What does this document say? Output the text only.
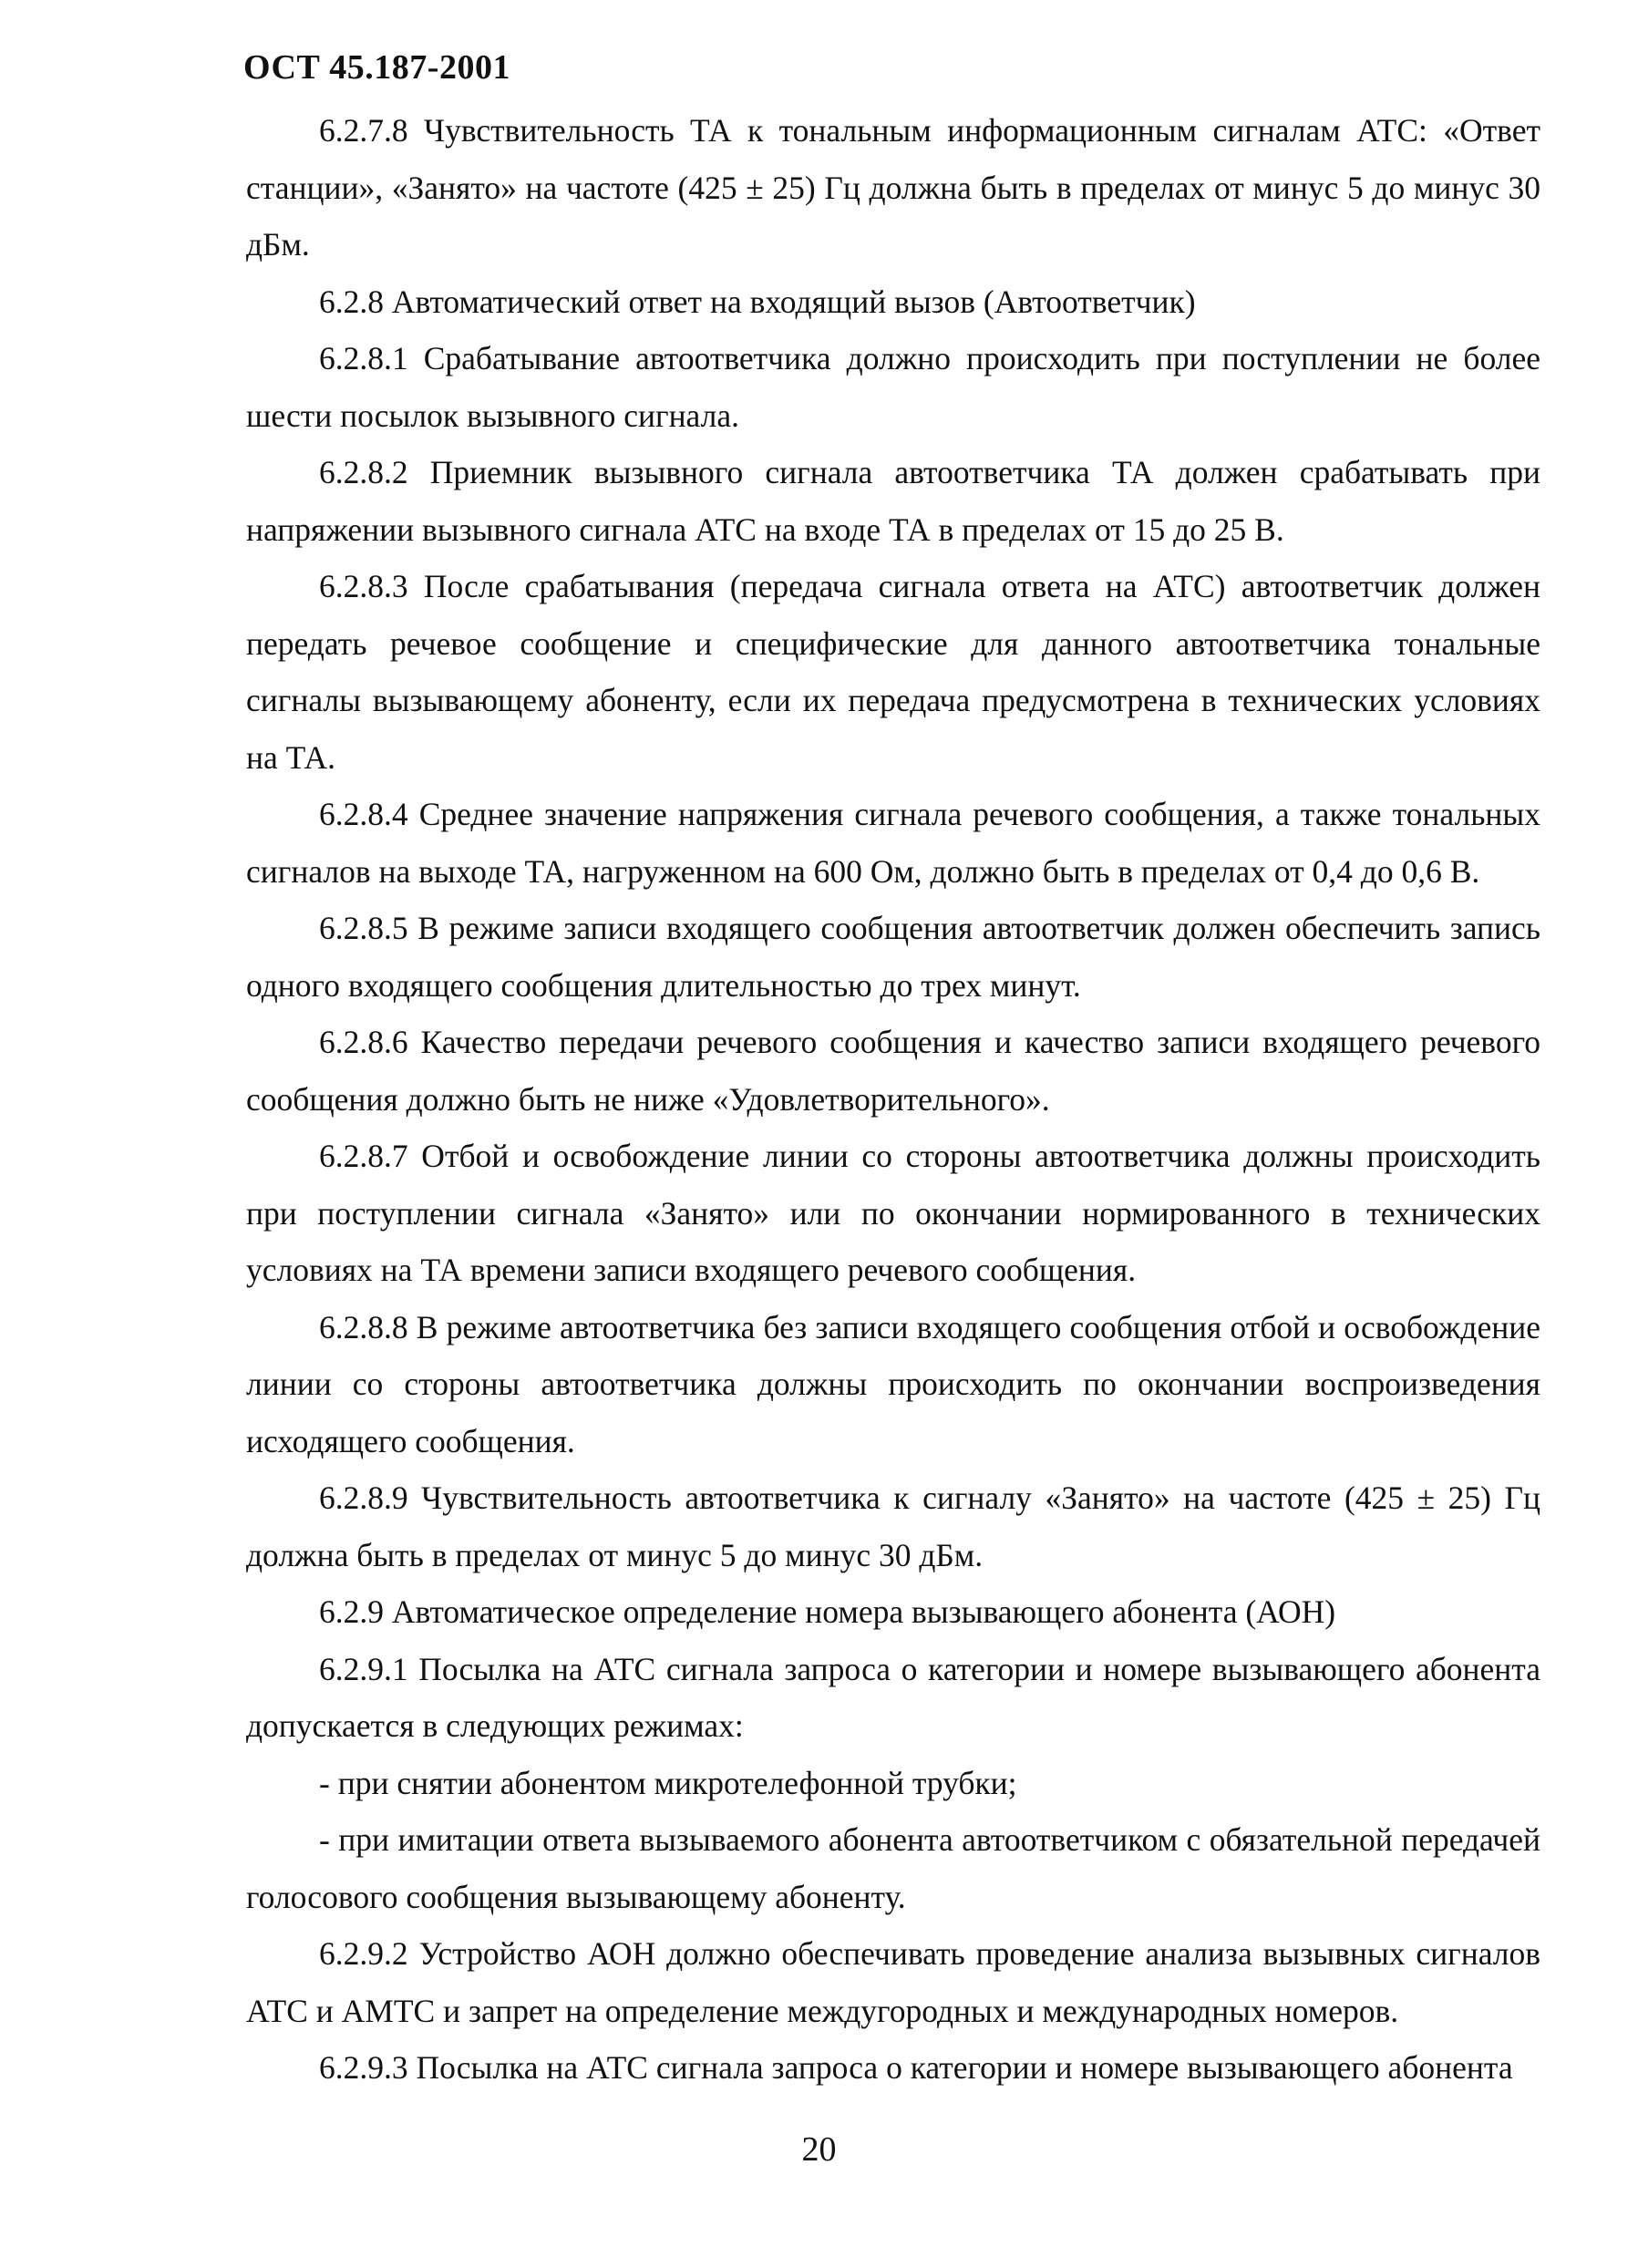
ОСТ 45.187-2001

6.2.7.8 Чувствительность ТА к тональным информационным сигналам АТС: «Ответ станции», «Занято» на частоте (425 ± 25) Гц должна быть в пределах от минус 5 до минус 30 дБм.

6.2.8 Автоматический ответ на входящий вызов (Автоответчик)

6.2.8.1 Срабатывание автоответчика должно происходить при поступлении не более шести посылок вызывного сигнала.

6.2.8.2 Приемник вызывного сигнала автоответчика ТА должен срабатывать при напряжении вызывного сигнала АТС на входе ТА в пределах от 15 до 25 В.

6.2.8.3 После срабатывания (передача сигнала ответа на АТС) автоответчик должен передать речевое сообщение и специфические для данного автоответчика тональные сигналы вызывающему абоненту, если их передача предусмотрена в технических условиях на ТА.

6.2.8.4 Среднее значение напряжения сигнала речевого сообщения, а также тональных сигналов на выходе ТА, нагруженном на 600 Ом, должно быть в пределах от 0,4 до 0,6 В.

6.2.8.5 В режиме записи входящего сообщения автоответчик должен обеспечить запись одного входящего сообщения длительностью до трех минут.

6.2.8.6 Качество передачи речевого сообщения и качество записи входящего речевого сообщения должно быть не ниже «Удовлетворительного».

6.2.8.7 Отбой и освобождение линии со стороны автоответчика должны происходить при поступлении сигнала «Занято» или по окончании нормированного в технических условиях на ТА времени записи входящего речевого сообщения.

6.2.8.8 В режиме автоответчика без записи входящего сообщения отбой и освобождение линии со стороны автоответчика должны происходить по окончании воспроизведения исходящего сообщения.

6.2.8.9 Чувствительность автоответчика к сигналу «Занято» на частоте (425 ± 25) Гц должна быть в пределах от минус 5 до минус 30 дБм.

6.2.9 Автоматическое определение номера вызывающего абонента (АОН)

6.2.9.1 Посылка на АТС сигнала запроса о категории и номере вызывающего абонента допускается в следующих режимах:

- при снятии абонентом микротелефонной трубки;

- при имитации ответа вызываемого абонента автоответчиком с обязательной передачей голосового сообщения вызывающему абоненту.

6.2.9.2 Устройство АОН должно обеспечивать проведение анализа вызывных сигналов АТС и АМТС и запрет на определение междугородных и международных номеров.

6.2.9.3 Посылка на АТС сигнала запроса о категории и номере вызывающего абонента

20
